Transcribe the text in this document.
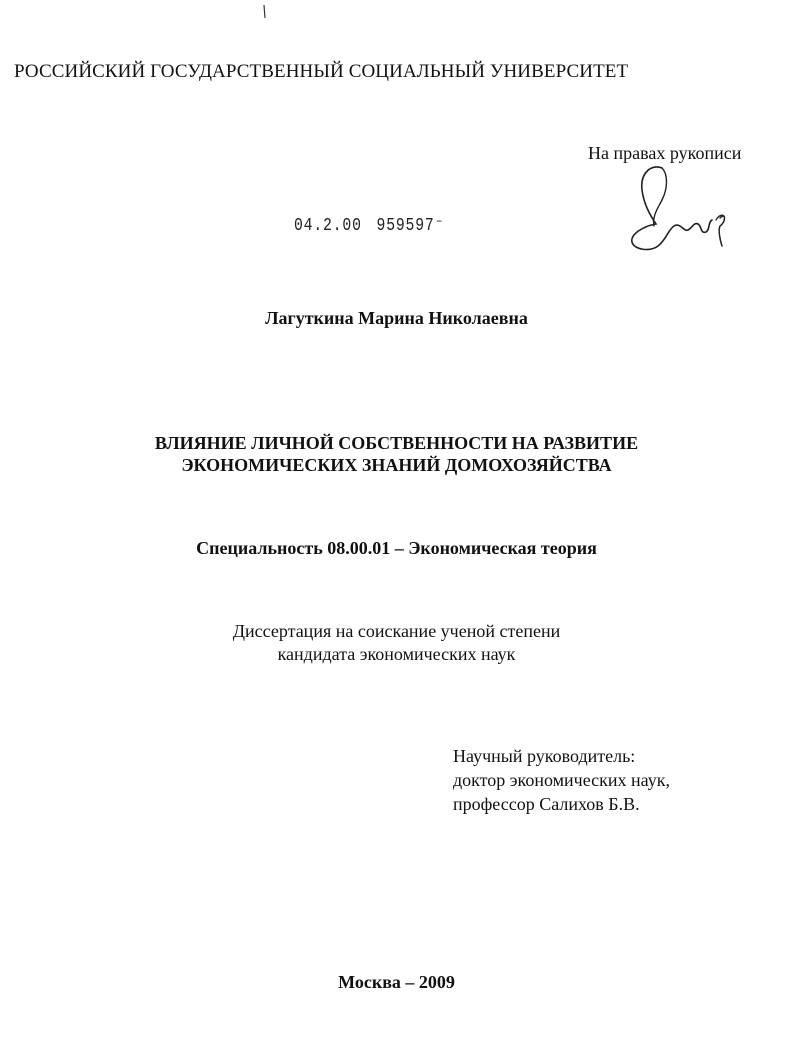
РОССИЙСКИЙ ГОСУДАРСТВЕННЫЙ СОЦИАЛЬНЫЙ УНИВЕРСИТЕТ
На правах рукописи
04.2.00 959597⁻
Лагуткина Марина Николаевна
ВЛИЯНИЕ ЛИЧНОЙ СОБСТВЕННОСТИ НА РАЗВИТИЕ
ЭКОНОМИЧЕСКИХ ЗНАНИЙ ДОМОХОЗЯЙСТВА
Специальность 08.00.01 – Экономическая теория
Диссертация на соискание ученой степени
кандидата экономических наук
Научный руководитель:
доктор экономических наук,
профессор Салихов Б.В.
Москва – 2009
